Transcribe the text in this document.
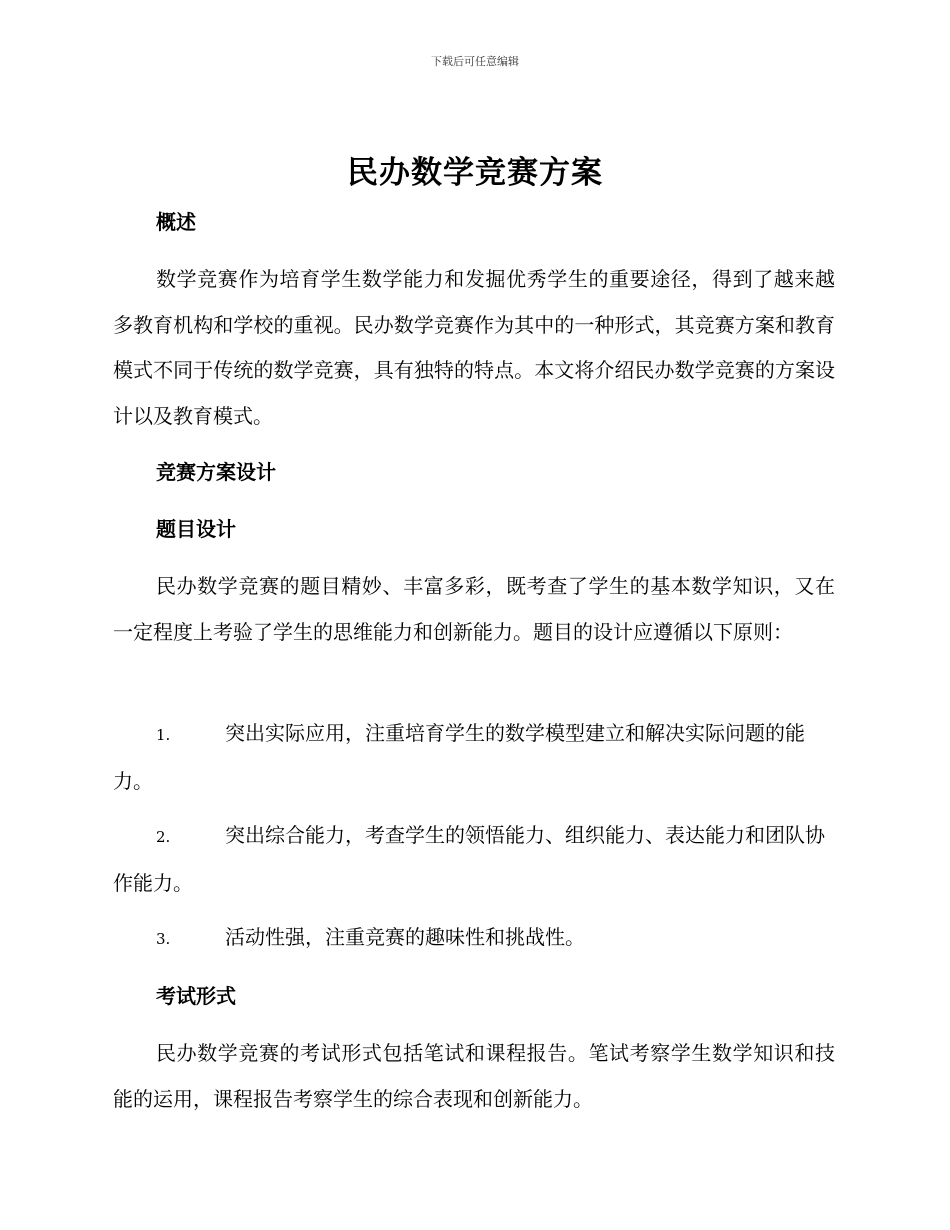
下载后可任意编辑
民办数学竞赛方案
概述
数学竞赛作为培育学生数学能力和发掘优秀学生的重要途径，得到了越来越多教育机构和学校的重视。民办数学竞赛作为其中的一种形式，其竞赛方案和教育模式不同于传统的数学竞赛，具有独特的特点。本文将介绍民办数学竞赛的方案设计以及教育模式。
竞赛方案设计
题目设计
民办数学竞赛的题目精妙、丰富多彩，既考查了学生的基本数学知识，又在一定程度上考验了学生的思维能力和创新能力。题目的设计应遵循以下原则：
1.	突出实际应用，注重培育学生的数学模型建立和解决实际问题的能力。
2.	突出综合能力，考查学生的领悟能力、组织能力、表达能力和团队协作能力。
3.	活动性强，注重竞赛的趣味性和挑战性。
考试形式
民办数学竞赛的考试形式包括笔试和课程报告。笔试考察学生数学知识和技能的运用，课程报告考察学生的综合表现和创新能力。
